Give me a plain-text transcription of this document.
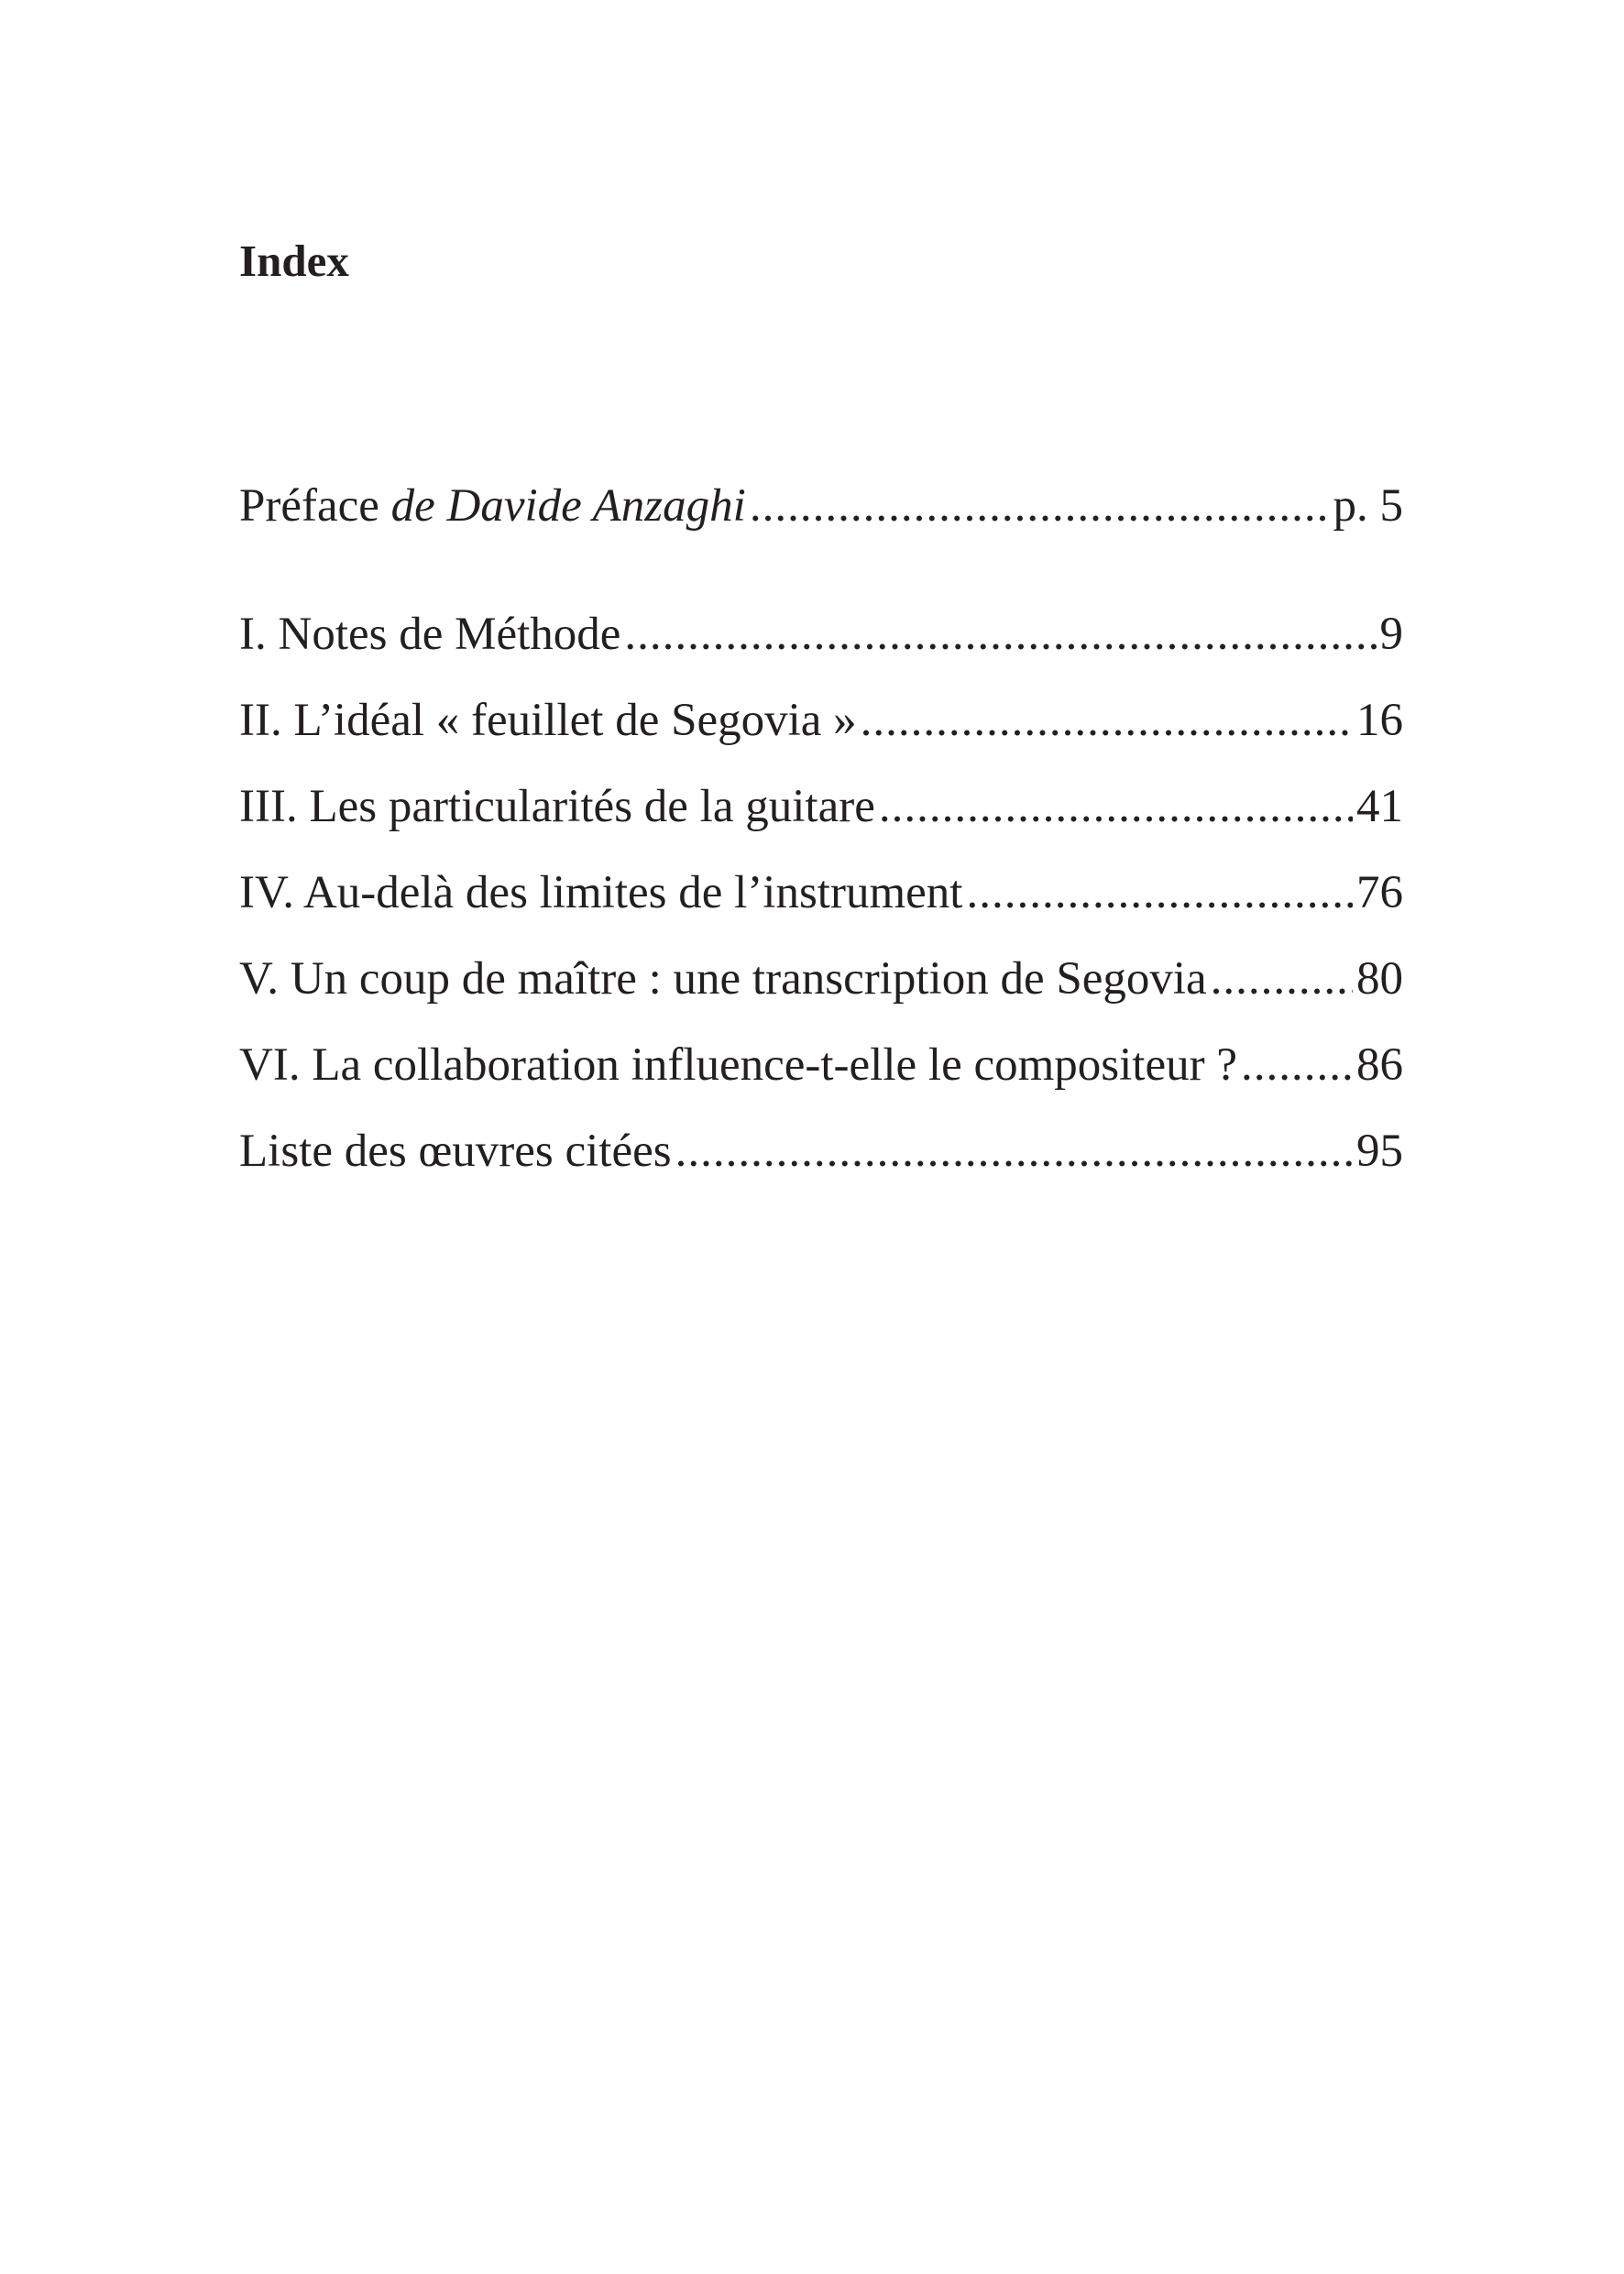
Index
Préface de Davide Anzaghi .....	p. 5
I. Notes de Méthode .....	9
II. L’idéal « feuillet de Segovia » .....	16
III. Les particularités de la guitare .....	41
IV. Au-delà des limites de l’instrument .....	76
V. Un coup de maître : une transcription de Segovia .....	80
VI. La collaboration influence-t-elle le compositeur ? .....	86
Liste des œuvres citées .....	95
